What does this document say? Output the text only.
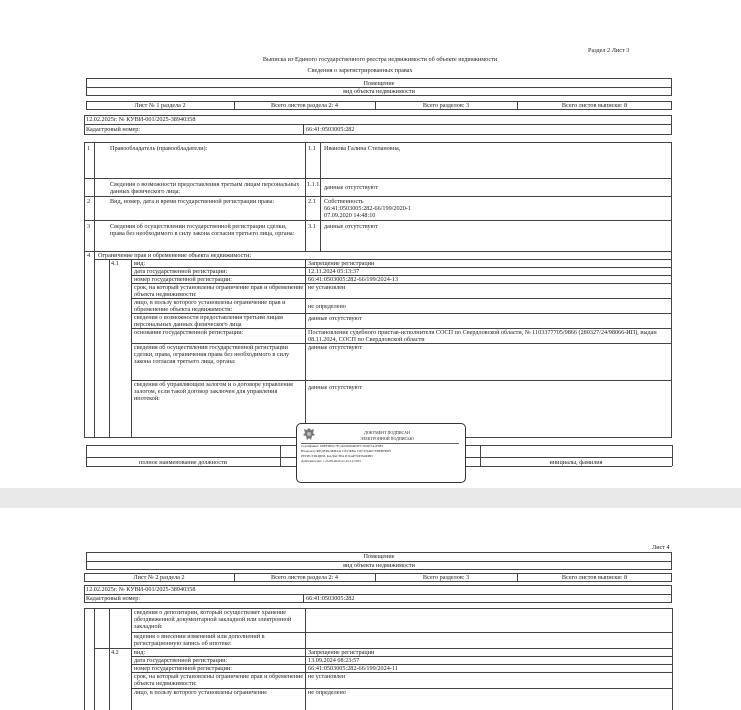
Раздел 2 Лист 3
Выписка из Единого государственного реестра недвижимости об объекте недвижимости
Сведения о зарегистрированных правах
Помещение
вид объекта недвижимости
Лист № 1 раздела 2	Всего листов раздела 2: 4	Всего разделов: 3	Всего листов выписки: 8
12.02.2025г. № КУВИ-001/2025-38940358
Кадастровый номер:	66:41:0503005:282
1	Правообладатель (правообладатели):	1.1 Иванова Галина Степановна,
Сведения о возможности предоставления третьим лицам персональных данных физического лица:
1.1.1 данные отсутствуют
2	Вид, номер, дата и время государственной регистрации права:	2.1 Собственность
66:41:0503005:282-66/199/2020-1
07.09.2020 14:48:10
3	Сведения об осуществлении государственной регистрации сделки, права без необходимого в силу закона согласия третьего лица, органа:
3.1 данные отсутствуют
4 Ограничение прав и обременение объекта недвижимости:
4.1 вид:	Запрещение регистрации
дата государственной регистрации:	12.11.2024 05:13:37
номер государственной регистрации:	66:41:0503005:282-66/199/2024-13
срок, на который установлены ограничение прав и обременение объекта недвижимости:
не установлен
лицо, в пользу которого установлены ограничение прав и обременение объекта недвижимости:	не определено
сведения о возможности предоставления третьим лицам персональных данных физического лица
данные отсутствуют
основание государственной регистрации:	Постановление судебного пристав-исполнителя СОСП по Свердловской области, № 1103377705/9866 (280327/24/98066-ИП), выдан 08.11.2024, СОСП по Свердловской области
сведения об осуществлении государственной регистрации сделки, права, ограничения права без необходимого в силу закона согласия третьего лица, органа:
данные отсутствуют
сведения об управляющем залогом и о договоре управления залогом, если такой договор заключен для управления ипотекой:
данные отсутствуют
полное наименование должности	инициалы, фамилия
ДОКУМЕНТ ПОДПИСАН
ЭЛЕКТРОННОЙ ПОДПИСЬЮ
Сертификат: 00ЕF3B5C7E1A0420D4E6F3 5D2E5A1F983
Владелец: ФЕДЕРАЛЬНАЯ СЛУЖБА ГОСУДАРСТВЕННОЙ
РЕГИСТРАЦИИ, КАДАСТРА И КАРТОГРАФИИ
Действителен: с 25.09.2024 по 25.12.2025
Лист 4
Помещение
вид объекта недвижимости
Лист № 2 раздела 2	Всего листов раздела 2: 4	Всего разделов: 3	Всего листов выписки: 8
12.02.2025г. № КУВИ-001/2025-38940358
Кадастровый номер:	66:41:0503005:282
сведения о депозитарии, который осуществляет хранение обездвиженной документарной закладной или электронной закладной:
ведения о внесении изменений или дополнений в регистрационную запись об ипотеке:
4.2 вид:	Запрещение регистрации
дата государственной регистрации:	13.09.2024 08:23:57
номер государственной регистрации:	66:41:0503005:282-66/199/2024-11
срок, на который установлены ограничение прав и обременение объекта недвижимости:
не установлен
лицо, в пользу которого установлены ограничение	не определено
